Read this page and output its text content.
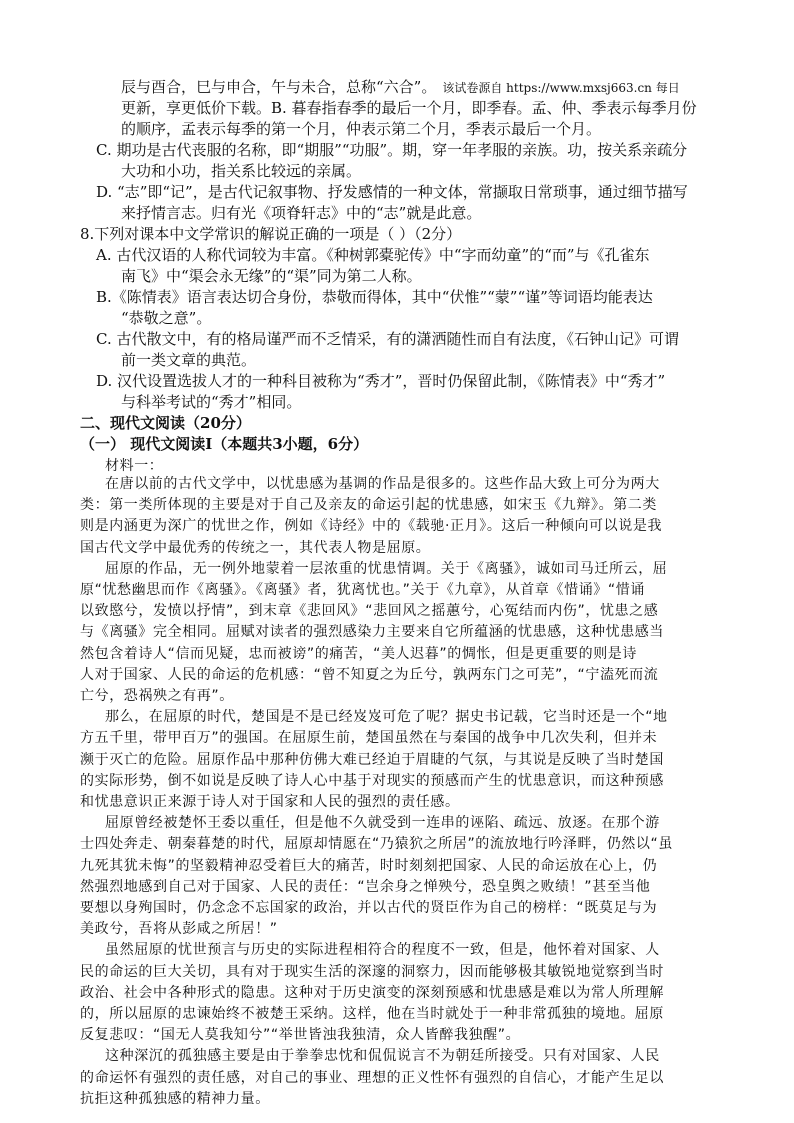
辰与酉合，巳与申合，午与未合，总称“六合”。 该试卷源自 https://www.mxsj663.cn 每日
更新，享更低价下载。B. 暮春指春季的最后一个月，即季春。孟、仲、季表示每季月份
的顺序，孟表示每季的第一个月，仲表示第二个月，季表示最后一个月。
C. 期功是古代丧服的名称，即“期服”“功服”。期，穿一年孝服的亲族。功，按关系亲疏分
大功和小功，指关系比较远的亲属。
D. “志”即“记”，是古代记叙事物、抒发感情的一种文体，常撷取日常琐事，通过细节描写
来抒情言志。归有光《项脊轩志》中的“志”就是此意。
8.下列对课本中文学常识的解说正确的一项是（ ）（2分）
A. 古代汉语的人称代词较为丰富。《种树郭橐驼传》中“字而幼童”的“而”与《孔雀东
南飞》中“渠会永无缘”的“渠”同为第二人称。
B.《陈情表》语言表达切合身份，恭敬而得体，其中“伏惟”“蒙”“谨”等词语均能表达
“恭敬之意”。
C. 古代散文中，有的格局谨严而不乏情采，有的潇洒随性而自有法度，《石钟山记》可谓
前一类文章的典范。
D. 汉代设置选拔人才的一种科目被称为“秀才”，晋时仍保留此制，《陈情表》中“秀才”
与科举考试的“秀才”相同。
二、现代文阅读（20分）
（一） 现代文阅读Ⅰ（本题共3小题，6分）
材料一：
在唐以前的古代文学中，以忧患感为基调的作品是很多的。这些作品大致上可分为两大
类：第一类所体现的主要是对于自己及亲友的命运引起的忧患感，如宋玉《九辩》。第二类
则是内涵更为深广的忧世之作，例如《诗经》中的《载驰·正月》。这后一种倾向可以说是我
国古代文学中最优秀的传统之一，其代表人物是屈原。
屈原的作品，无一例外地蒙着一层浓重的忧患情调。关于《离骚》，诚如司马迁所云，屈
原“忧愁幽思而作《离骚》。《离骚》者，犹离忧也。”关于《九章》，从首章《惜诵》“惜诵
以致愍兮，发愤以抒情”，到末章《悲回风》“悲回风之摇蕙兮，心冤结而内伤”，忧患之感
与《离骚》完全相同。屈赋对读者的强烈感染力主要来自它所蕴涵的忧患感，这种忧患感当
然包含着诗人“信而见疑，忠而被谤”的痛苦，“美人迟暮”的惆怅，但是更重要的则是诗
人对于国家、人民的命运的危机感：“曾不知夏之为丘兮，孰两东门之可芜”，“宁溘死而流
亡兮，恐祸殃之有再”。
那么，在屈原的时代，楚国是不是已经岌岌可危了呢？据史书记载，它当时还是一个“地
方五千里，带甲百万”的强国。在屈原生前，楚国虽然在与秦国的战争中几次失利，但并未
濒于灭亡的危险。屈原作品中那种仿佛大难已经迫于眉睫的气氛，与其说是反映了当时楚国
的实际形势，倒不如说是反映了诗人心中基于对现实的预感而产生的忧患意识，而这种预感
和忧患意识正来源于诗人对于国家和人民的强烈的责任感。
屈原曾经被楚怀王委以重任，但是他不久就受到一连串的诬陷、疏远、放逐。在那个游
士四处奔走、朝秦暮楚的时代，屈原却情愿在“乃猿狖之所居”的流放地行吟泽畔，仍然以“虽
九死其犹未悔”的坚毅精神忍受着巨大的痛苦，时时刻刻把国家、人民的命运放在心上，仍
然强烈地感到自己对于国家、人民的责任：“岂余身之惮殃兮，恐皇舆之败绩！”甚至当他
要想以身殉国时，仍念念不忘国家的政治，并以古代的贤臣作为自己的榜样：“既莫足与为
美政兮，吾将从彭咸之所居！”
虽然屈原的忧世预言与历史的实际进程相符合的程度不一致，但是，他怀着对国家、人
民的命运的巨大关切，具有对于现实生活的深邃的洞察力，因而能够极其敏锐地觉察到当时
政治、社会中各种形式的隐患。这种对于历史演变的深刻预感和忧患感是难以为常人所理解
的，所以屈原的忠谏始终不被楚王采纳。这样，他在当时就处于一种非常孤独的境地。屈原
反复悲叹：“国无人莫我知兮”“举世皆浊我独清，众人皆醉我独醒”。
这种深沉的孤独感主要是由于拳拳忠忱和侃侃说言不为朝廷所接受。只有对国家、人民
的命运怀有强烈的责任感，对自己的事业、理想的正义性怀有强烈的自信心，才能产生足以
抗拒这种孤独感的精神力量。
